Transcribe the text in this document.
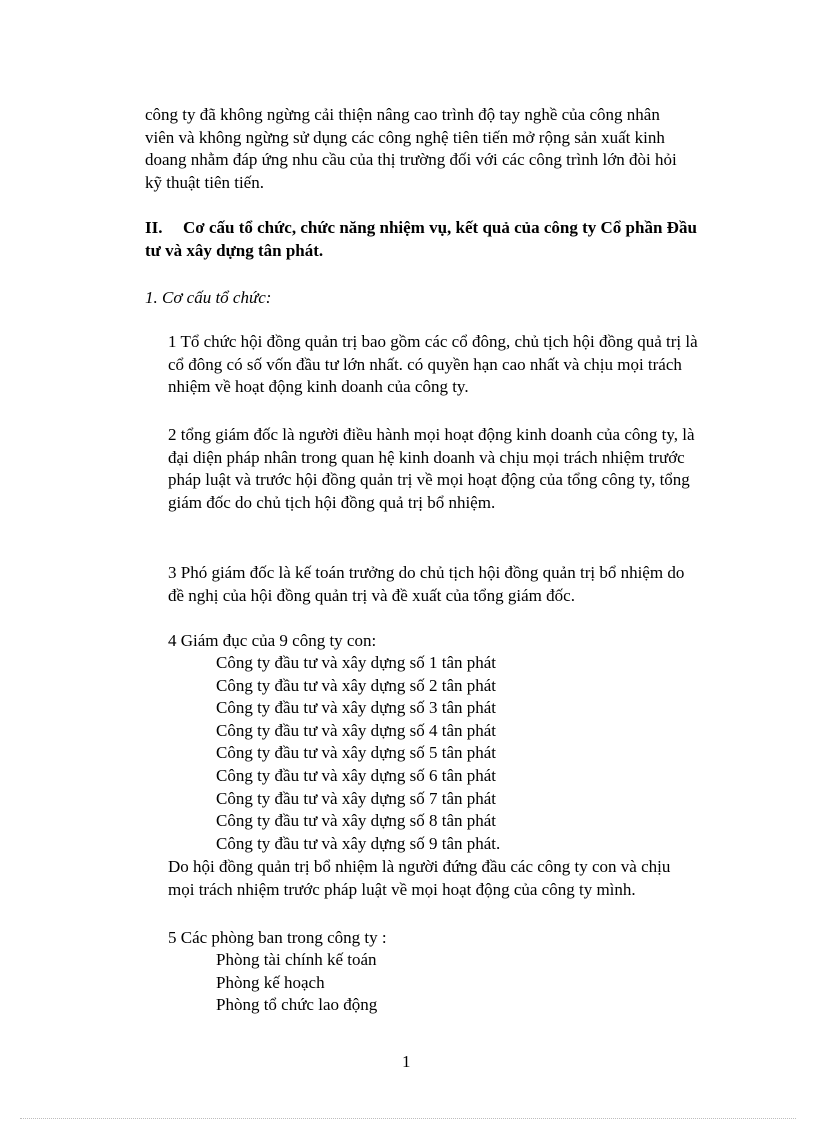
công ty đã không ngừng cải thiện nâng cao trình độ tay nghề của công nhân viên và không ngừng sử dụng các công nghệ tiên tiến mở rộng sản xuất kinh doang nhằm đáp ứng nhu cầu của thị trường đối với các công trình lớn đòi hỏi kỹ thuật tiên tiến.

II. Cơ cấu tổ chức, chức năng nhiệm vụ, kết quả của công ty Cổ phần Đầu tư và xây dựng tân phát.

1. Cơ cấu tổ chức:

1 Tổ chức hội đồng quản trị bao gồm các cổ đông, chủ tịch hội đồng quả trị là cổ đông có số vốn đầu tư lớn nhất. có quyền hạn cao nhất và chịu mọi trách nhiệm về hoạt động kinh doanh của công ty.

2 tổng giám đốc là người điều hành mọi hoạt động kinh doanh của công ty, là đại diện pháp nhân trong quan hệ kinh doanh và chịu mọi trách nhiệm trước pháp luật và trước hội đồng quản trị về mọi hoạt động của tổng công ty, tổng giám đốc do chủ tịch hội đồng quả trị bổ nhiệm.

3 Phó giám đốc là kế toán trưởng do chủ tịch hội đồng quản trị bổ nhiệm do đề nghị của hội đồng quản trị và đề xuất của tổng giám đốc.

4 Giám đục của 9 công ty con:

Công ty đầu tư và xây dựng số 1 tân phát
Công ty đầu tư và xây dựng số 2 tân phát
Công ty đầu tư và xây dựng số 3 tân phát
Công ty đầu tư và xây dựng số 4 tân phát
Công ty đầu tư và xây dựng số 5 tân phát
Công ty đầu tư và xây dựng số 6 tân phát
Công ty đầu tư và xây dựng số 7 tân phát
Công ty đầu tư và xây dựng số 8 tân phát
Công ty đầu tư và xây dựng số 9 tân phát.

Do hội đồng quản trị bổ nhiệm là người đứng đầu các công ty con và chịu mọi trách nhiệm trước pháp luật về mọi hoạt động của công ty mình.

5 Các phòng ban trong công ty :

Phòng tài chính kế toán
Phòng kế hoạch
Phòng tổ chức lao động
1
